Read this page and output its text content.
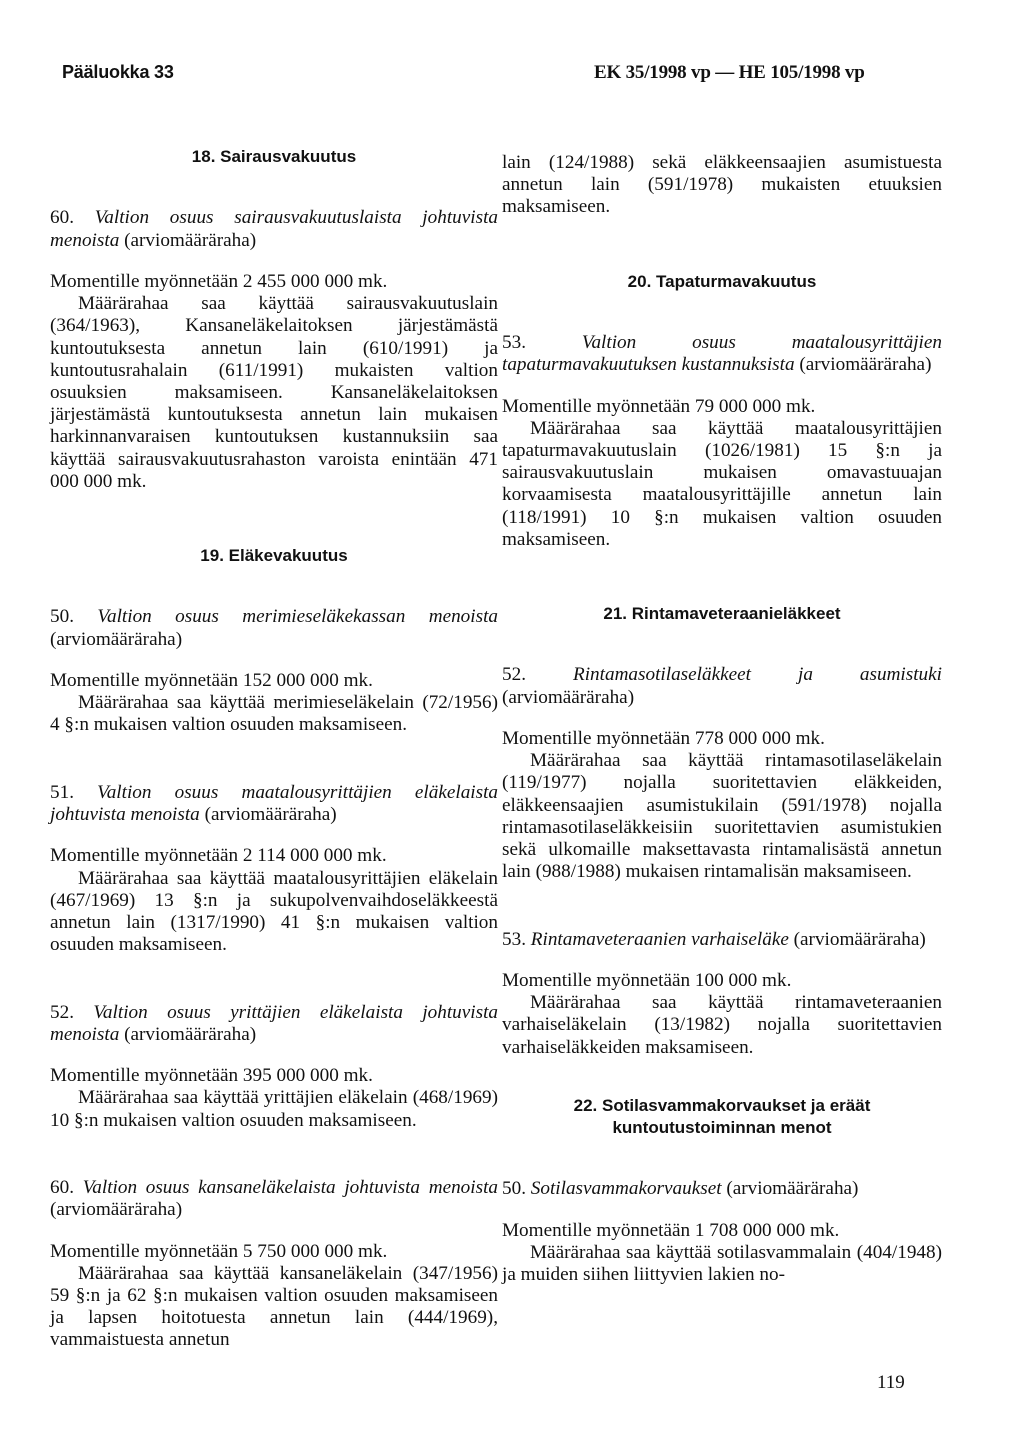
Pääluokka 33	EK 35/1998 vp — HE 105/1998 vp

18. Sairausvakuutus

60. Valtion osuus sairausvakuutuslaista johtuvista menoista (arviomääräraha)

Momentille myönnetään 2 455 000 000 mk.

Määrärahaa saa käyttää sairausvakuutuslain (364/1963), Kansaneläkelaitoksen järjestämästä kuntoutuksesta annetun lain (610/1991) ja kuntoutusrahalain (611/1991) mukaisten valtion osuuksien maksamiseen. Kansaneläkelaitoksen järjestämästä kuntoutuksesta annetun lain mukaisen harkinnanvaraisen kuntoutuksen kustannuksiin saa käyttää sairausvakuutusrahaston varoista enintään 471 000 000 mk.

19. Eläkevakuutus

50. Valtion osuus merimieseläkekassan menoista (arviomääräraha)

Momentille myönnetään 152 000 000 mk.

Määrärahaa saa käyttää merimieseläkelain (72/1956) 4 §:n mukaisen valtion osuuden maksamiseen.

51. Valtion osuus maatalousyrittäjien eläkelaista johtuvista menoista (arviomääräraha)

Momentille myönnetään 2 114 000 000 mk.

Määrärahaa saa käyttää maatalousyrittäjien eläkelain (467/1969) 13 §:n ja sukupolvenvaihdoseläkkeestä annetun lain (1317/1990) 41 §:n mukaisen valtion osuuden maksamiseen.

52. Valtion osuus yrittäjien eläkelaista johtuvista menoista (arviomääräraha)

Momentille myönnetään 395 000 000 mk.

Määrärahaa saa käyttää yrittäjien eläkelain (468/1969) 10 §:n mukaisen valtion osuuden maksamiseen.

60. Valtion osuus kansaneläkelaista johtuvista menoista (arviomääräraha)

Momentille myönnetään 5 750 000 000 mk.

Määrärahaa saa käyttää kansaneläkelain (347/1956) 59 §:n ja 62 §:n mukaisen valtion osuuden maksamiseen ja lapsen hoitotuesta annetun lain (444/1969), vammaistuesta annetun

lain (124/1988) sekä eläkkeensaajien asumistuesta annetun lain (591/1978) mukaisten etuuksien maksamiseen.

20. Tapaturmavakuutus

53.	Valtion osuus maatalousyrittäjien tapaturmavakuutuksen kustannuksista (arviomääräraha)

Momentille myönnetään 79 000 000 mk.

Määrärahaa saa käyttää maatalousyrittäjien tapaturmavakuutuslain (1026/1981) 15 §:n ja sairausvakuutuslain mukaisen omavastuuajan korvaamisesta maatalousyrittäjille annetun lain (118/1991) 10 §:n mukaisen valtion osuuden maksamiseen.

21. Rintamaveteraanieläkkeet

52. Rintamasotilaseläkkeet ja asumistuki (arviomääräraha)

Momentille myönnetään 778 000 000 mk.

Määrärahaa saa käyttää rintamasotilaseläkelain (119/1977) nojalla suoritettavien eläkkeiden, eläkkeensaajien asumistukilain (591/1978) nojalla rintamasotilaseläkkeisiin suoritettavien asumistukien sekä ulkomaille maksettavasta rintamalisästä annetun lain (988/1988) mukaisen rintamalisän maksamiseen.

53. Rintamaveteraanien varhaiseläke (arviomääräraha)

Momentille myönnetään 100 000 mk.

Määrärahaa saa käyttää rintamaveteraanien varhaiseläkelain (13/1982) nojalla suoritettavien varhaiseläkkeiden maksamiseen.

22. Sotilasvammakorvaukset ja eräät kuntoutustoiminnan menot

50. Sotilasvammakorvaukset (arviomääräraha)

Momentille myönnetään 1 708 000 000 mk.

Määrärahaa saa käyttää sotilasvammalain (404/1948) ja muiden siihen liittyvien lakien no-

119
